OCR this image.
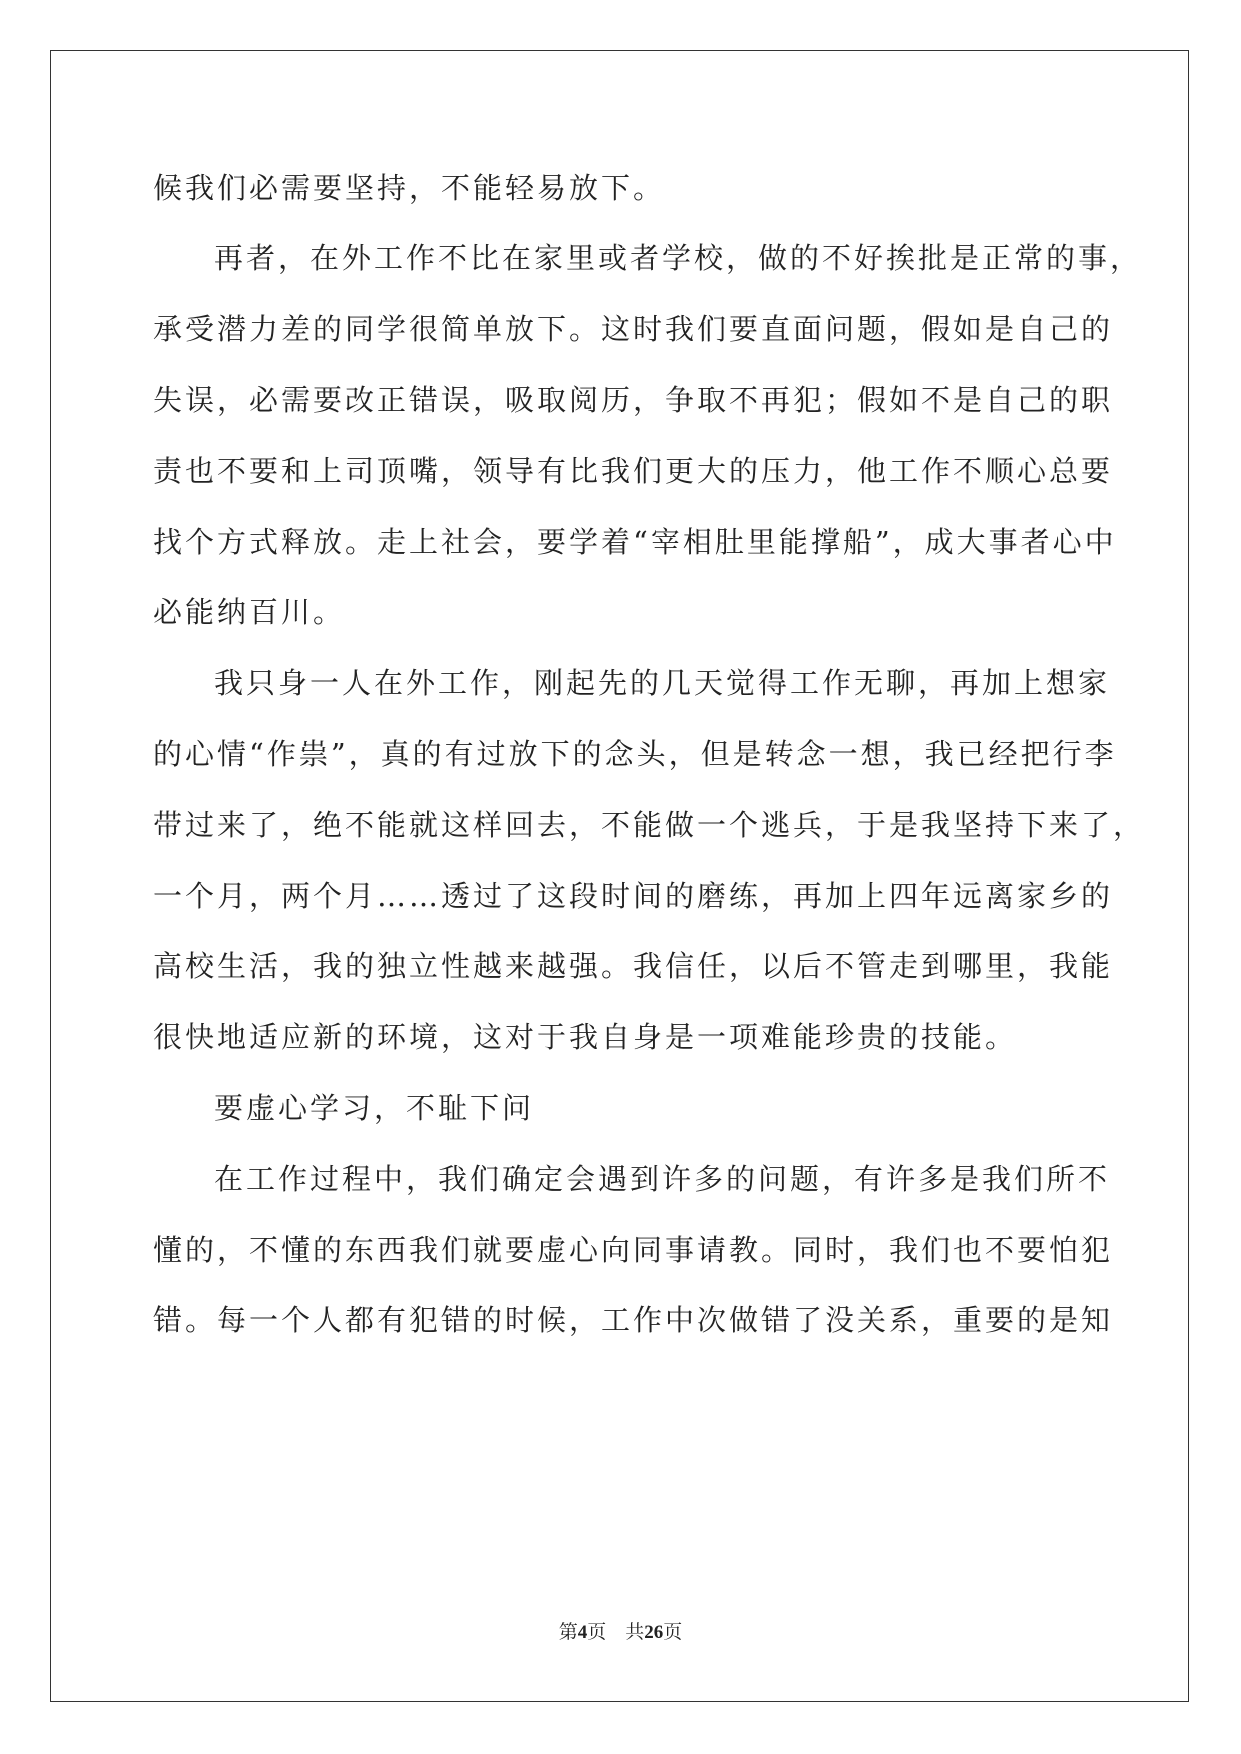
候我们必需要坚持，不能轻易放下。
再者，在外工作不比在家里或者学校，做的不好挨批是正常的事，
承受潜力差的同学很简单放下。这时我们要直面问题，假如是自己的
失误，必需要改正错误，吸取阅历，争取不再犯；假如不是自己的职
责也不要和上司顶嘴，领导有比我们更大的压力，他工作不顺心总要
找个方式释放。走上社会，要学着“宰相肚里能撑船”，成大事者心中
必能纳百川。
我只身一人在外工作，刚起先的几天觉得工作无聊，再加上想家
的心情“作祟”，真的有过放下的念头，但是转念一想，我已经把行李
带过来了，绝不能就这样回去，不能做一个逃兵，于是我坚持下来了，
一个月，两个月……透过了这段时间的磨练，再加上四年远离家乡的
高校生活，我的独立性越来越强。我信任，以后不管走到哪里，我能
很快地适应新的环境，这对于我自身是一项难能珍贵的技能。
要虚心学习，不耻下问
在工作过程中，我们确定会遇到许多的问题，有许多是我们所不
懂的，不懂的东西我们就要虚心向同事请教。同时，我们也不要怕犯
错。每一个人都有犯错的时候，工作中次做错了没关系，重要的是知
第4页 共26页
